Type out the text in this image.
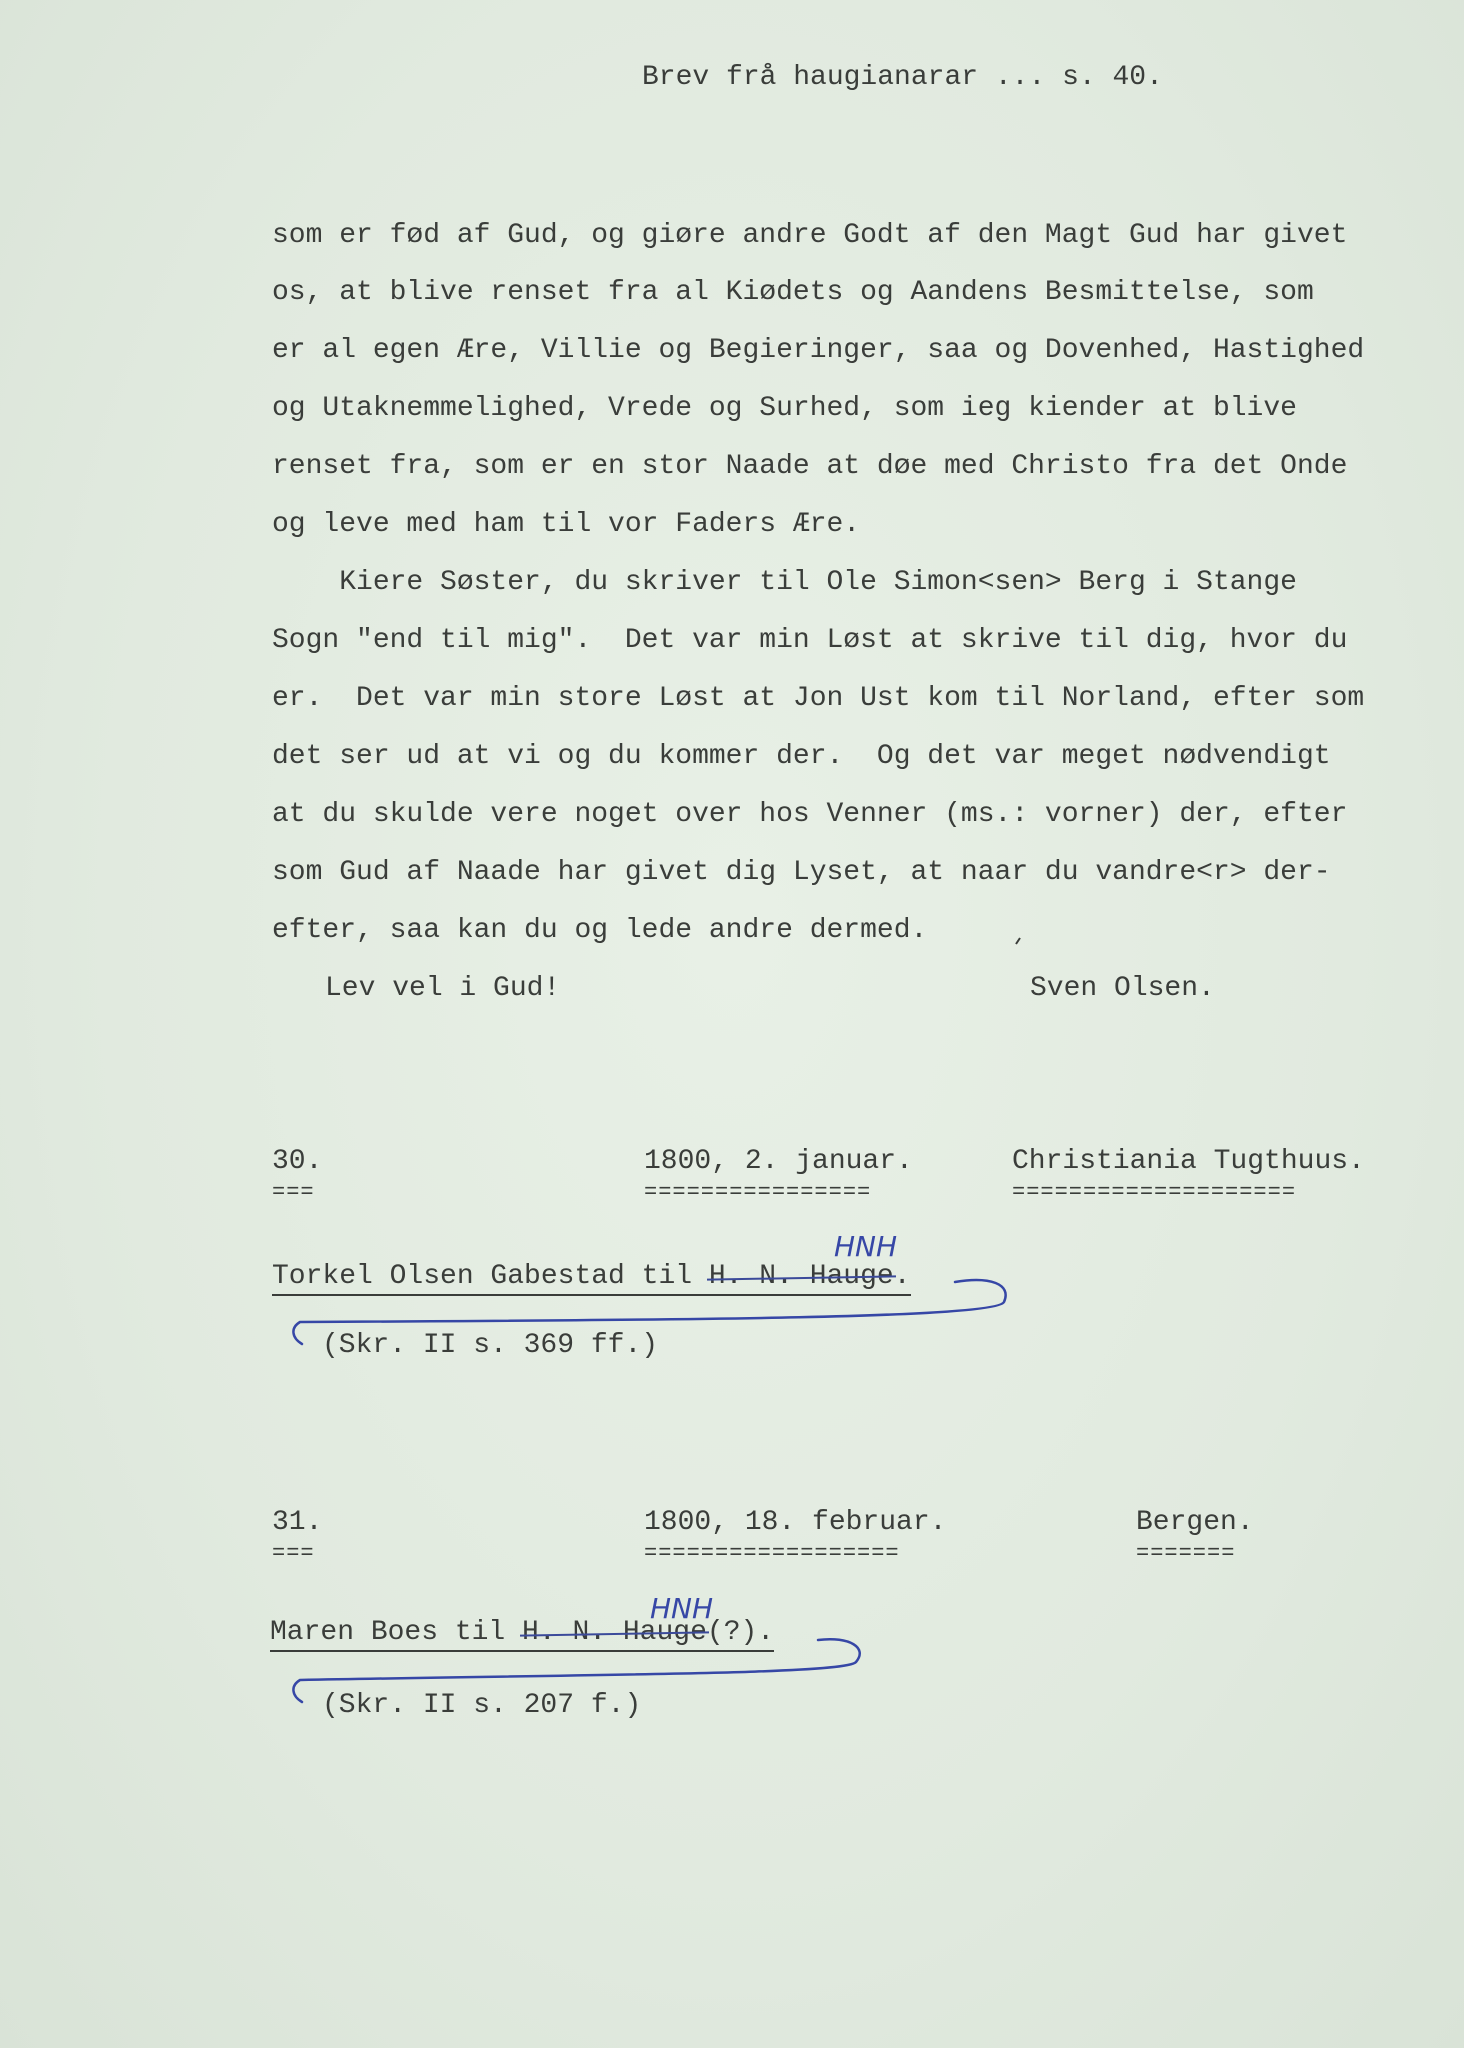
Brev frå haugianarar ... s. 40.
som er fød af Gud, og giøre andre Godt af den Magt Gud har givet
os, at blive renset fra al Kiødets og Aandens Besmittelse, som
er al egen Ære, Villie og Begieringer, saa og Dovenhed, Hastighed
og Utaknemmelighed, Vrede og Surhed, som ieg kiender at blive
renset fra, som er en stor Naade at døe med Christo fra det Onde
og leve med ham til vor Faders Ære.
Kiere Søster, du skriver til Ole Simon<sen> Berg i Stange
Sogn "end til mig".  Det var min Løst at skrive til dig, hvor du
er.  Det var min store Løst at Jon Ust kom til Norland, efter som
det ser ud at vi og du kommer der.  Og det var meget nødvendigt
at du skulde vere noget over hos Venner (ms.: vorner) der, efter
som Gud af Naade har givet dig Lyset, at naar du vandre<r> der-
efter, saa kan du og lede andre dermed.
Lev vel i Gud!	Sven Olsen.
30.
===
1800, 2. januar.
================
Christiania Tugthuus.
====================
Torkel Olsen Gabestad til H. N. Hauge.
HNH
(Skr. II s. 369 ff.)
31.
===
1800, 18. februar.
==================
Bergen.
=======
Maren Boes til H. N. Hauge(?).
HNH
(Skr. II s. 207 f.)
